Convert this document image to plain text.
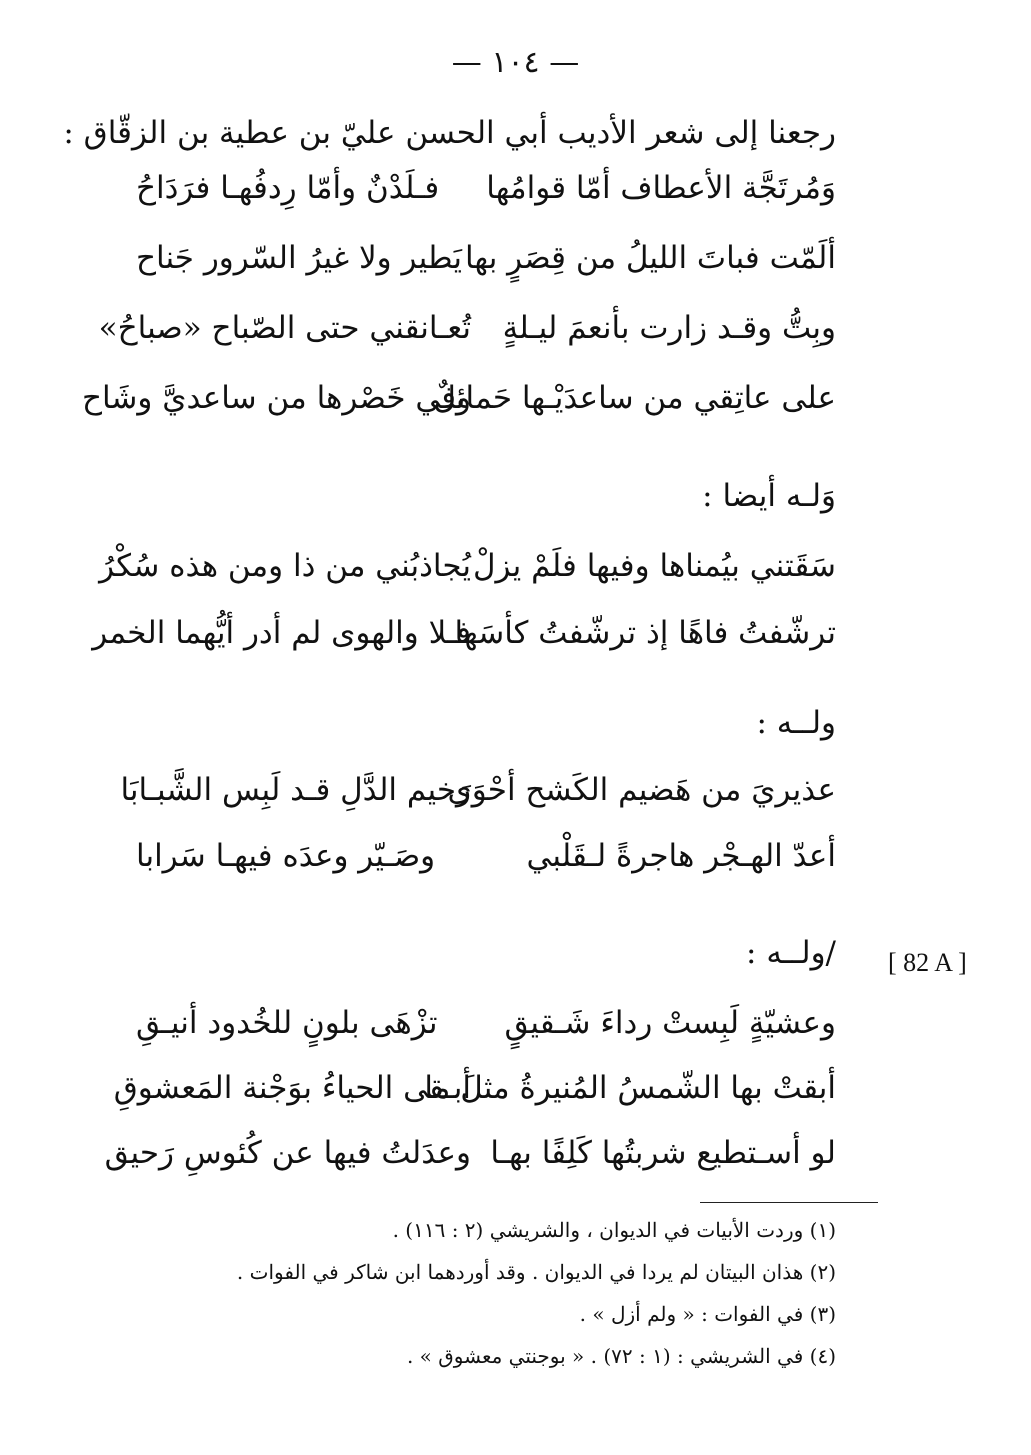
— ١٠٤ —
رجعنا إلى شعر الأديب أبي الحسن عليّ بن عطية بن الزقّاق : ‍‍‍
وَمُرتَجَّة الأعطاف أمّا قوامُها
فـلَدْنٌ وأمّا رِدفُهـا فرَدَاحُ
ألَمّت فباتَ الليلُ من قِصَرٍ بها
يَطير ولا غيرُ السّرور جَناح
وبِتُّ وقـد زارت بأنعمَ ليـلةٍ
تُعـانقني حتى الصّباح «صباحُ»
على عاتِقي من ساعدَيْـها حَمائلٌ
وفي خَصْرها من ساعديَّ وشَاح
وَلـه أيضا :
سَقَتني بيُمناها وفيها فلَمْ يزلْ
يُجاذبُني من ذا ومن هذه سُكْرُ
ترشّفتُ فاهًا إذ ترشّفتُ كأسَها
فـلا والهوى لم أدر أيُّهما الخمر
ولــه :
عذيريَ من هَضيم الكَشح أحْوَى
رَخيم الدَّلِ قـد لَبِس الشَّبـابَا
أعدّ الهـجْر هاجرةً لـقَلْبي
وصَـيّر وعدَه فيهـا سَرابا
/ولــه : [ 82 A ]
وعشيّةٍ لَبِستْ رداءَ شَـقيقٍ
تزْهَى بلونٍ للخُدود أنيـقِ
أبقتْ بها الشّمسُ المُنيرةُ مثلَ ما
أبـقى الحياءُ بوَجْنة المَعشوقِ
لو أسـتطيع شربتُها كَلِفًا بهـا
وعدَلتُ فيها عن كُئوسِ رَحيق
(١) وردت الأبيات في الديوان ، والشريشي (٢ : ١١٦) .
(٢) هذان البيتان لم يردا في الديوان . وقد أوردهما ابن شاكر في الفوات .
(٣) في الفوات : « ولم أزل » .
(٤) في الشريشي : (١ : ٧٢) . « بوجنتي معشوق » .
